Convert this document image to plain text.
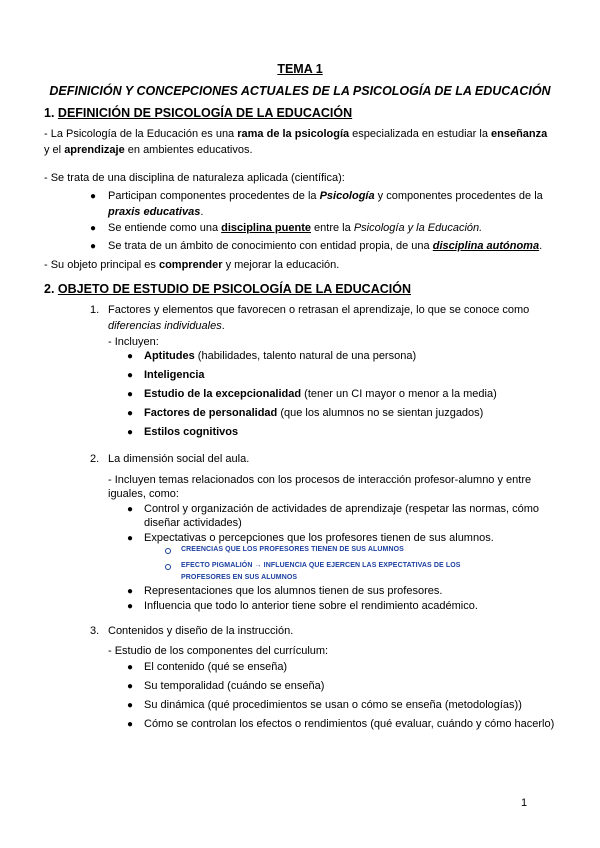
TEMA 1
DEFINICIÓN Y CONCEPCIONES ACTUALES DE LA PSICOLOGÍA DE LA EDUCACIÓN
1. DEFINICIÓN DE PSICOLOGÍA DE LA EDUCACIÓN
- La Psicología de la Educación es una rama de la psicología especializada en estudiar la enseñanza
y el aprendizaje en ambientes educativos.
- Se trata de una disciplina de naturaleza aplicada (científica):
● Participan componentes procedentes de la Psicología y componentes procedentes de la
praxis educativas.
● Se entiende como una disciplina puente entre la Psicología y la Educación.
● Se trata de un ámbito de conocimiento con entidad propia, de una disciplina autónoma.
- Su objeto principal es comprender y mejorar la educación.
2. OBJETO DE ESTUDIO DE PSICOLOGÍA DE LA EDUCACIÓN
1. Factores y elementos que favorecen o retrasan el aprendizaje, lo que se conoce como
diferencias individuales.
- Incluyen:
● Aptitudes (habilidades, talento natural de una persona)
● Inteligencia
● Estudio de la excepcionalidad (tener un CI mayor o menor a la media)
● Factores de personalidad (que los alumnos no se sientan juzgados)
● Estilos cognitivos
2. La dimensión social del aula.
- Incluyen temas relacionados con los procesos de interacción profesor-alumno y entre
iguales, como:
● Control y organización de actividades de aprendizaje (respetar las normas, cómo
diseñar actividades)
● Expectativas o percepciones que los profesores tienen de sus alumnos.
CREENCIAS QUE LOS PROFESORES TIENEN DE SUS ALUMNOS
EFECTO PIGMALIÓN → INFLUENCIA QUE EJERCEN LAS EXPECTATIVAS DE LOS
PROFESORES EN SUS ALUMNOS
● Representaciones que los alumnos tienen de sus profesores.
● Influencia que todo lo anterior tiene sobre el rendimiento académico.
3. Contenidos y diseño de la instrucción.
- Estudio de los componentes del currículum:
● El contenido (qué se enseña)
● Su temporalidad (cuándo se enseña)
● Su dinámica (qué procedimientos se usan o cómo se enseña (metodologías))
● Cómo se controlan los efectos o rendimientos (qué evaluar, cuándo y cómo hacerlo)
1
